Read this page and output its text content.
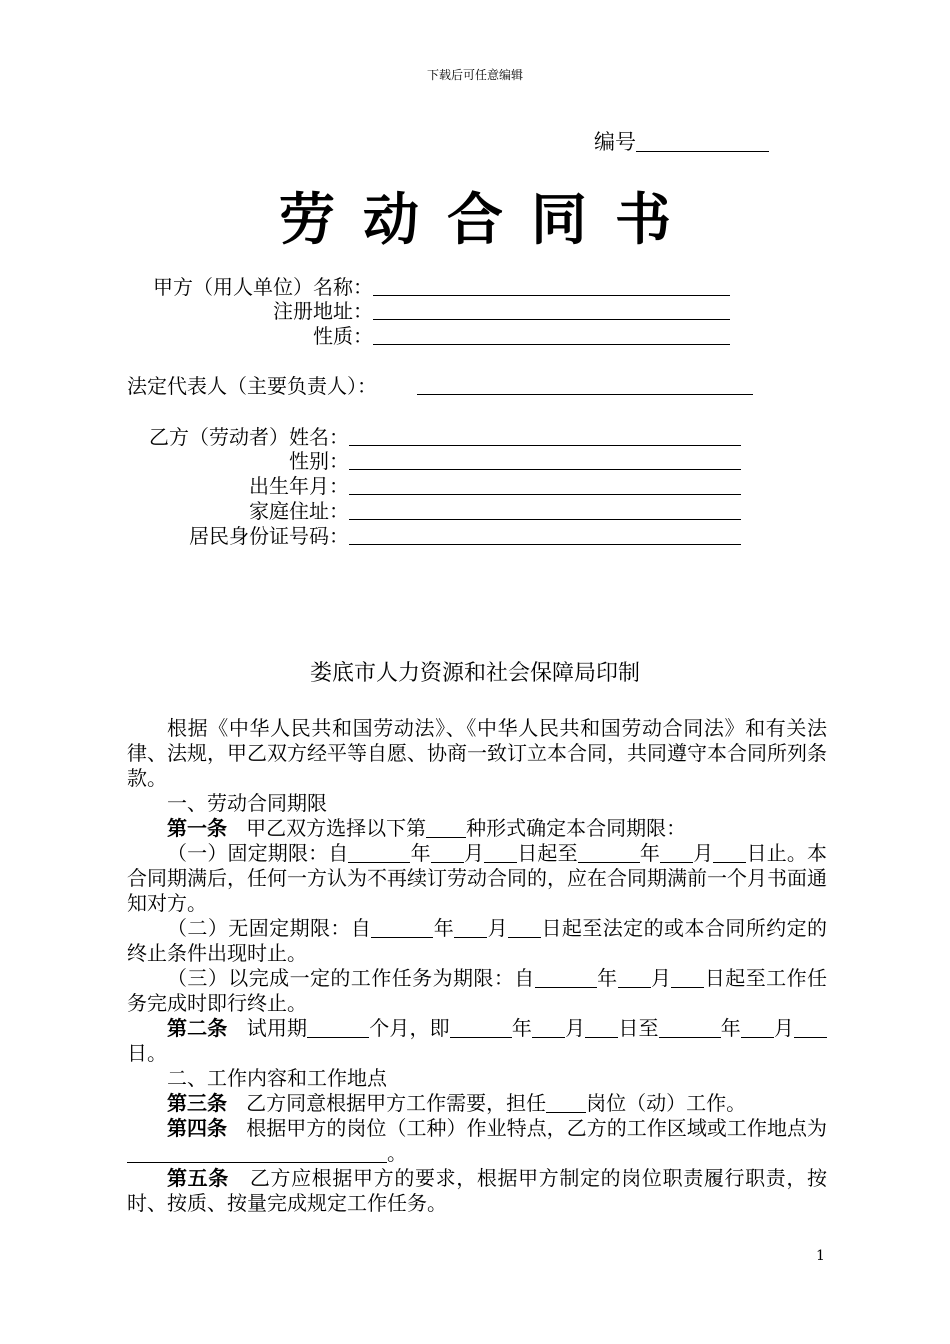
下载后可任意编辑
编号
劳动合同书
甲方（用人单位）名称：
注册地址：
性质：
法定代表人（主要负责人）：
乙方（劳动者）姓名：
性别：
出生年月：
家庭住址：
居民身份证号码：
娄底市人力资源和社会保障局印制

根据《中华人民共和国劳动法》、《中华人民共和国劳动合同法》和有关法律、法规，甲乙双方经平等自愿、协商一致订立本合同，共同遵守本合同所列条款。

一、劳动合同期限

第一条 甲乙双方选择以下第 种形式确定本合同期限：

（一）固定期限：自	年 月 日起至	年 月 日止。本合同期满后，任何一方认为不再续订劳动合同的，应在合同期满前一个月书面通知对方。

（二）无固定期限：自	年 月 日起至法定的或本合同所约定的终止条件出现时止。

（三）以完成一定的工作任务为期限：自	年 月 日起至工作任务完成时即行终止。

第二条 试用期	个月，即	年 月 日至	年 月日。

二、工作内容和工作地点

第三条 乙方同意根据甲方工作需要，担任 岗位（动）工作。

第四条 根据甲方的岗位（工种）作业特点，乙方的工作区域或工作地点为。

第五条 乙方应根据甲方的要求，根据甲方制定的岗位职责履行职责，按时、按质、按量完成规定工作任务。

1
